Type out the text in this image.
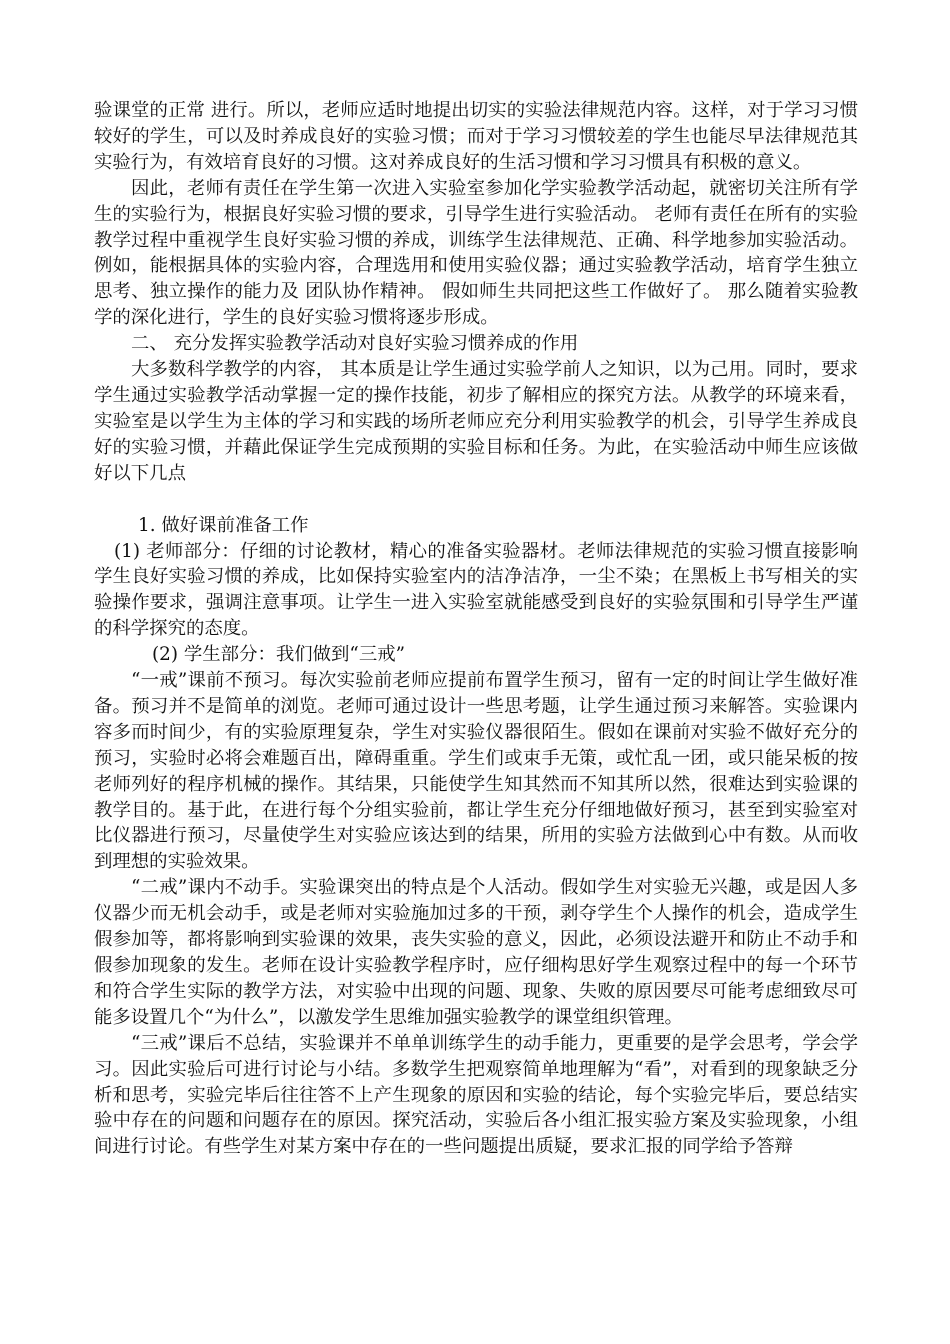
验课堂的正常 进行。所以，老师应适时地提出切实的实验法律规范内容。这样，对于学习习惯较好的学生，可以及时养成良好的实验习惯；而对于学习习惯较差的学生也能尽早法律规范其实验行为，有效培育良好的习惯。这对养成良好的生活习惯和学习习惯具有积极的意义。

因此，老师有责任在学生第一次进入实验室参加化学实验教学活动起，就密切关注所有学生的实验行为，根据良好实验习惯的要求，引导学生进行实验活动。 老师有责任在所有的实验教学过程中重视学生良好实验习惯的养成，训练学生法律规范、正确、科学地参加实验活动。例如，能根据具体的实验内容，合理选用和使用实验仪器；通过实验教学活动，培育学生独立思考、独立操作的能力及 团队协作精神。 假如师生共同把这些工作做好了。 那么随着实验教学的深化进行，学生的良好实验习惯将逐步形成。

二、 充分发挥实验教学活动对良好实验习惯养成的作用

大多数科学教学的内容， 其本质是让学生通过实验学前人之知识，以为己用。同时，要求学生通过实验教学活动掌握一定的操作技能，初步了解相应的探究方法。从教学的环境来看，实验室是以学生为主体的学习和实践的场所老师应充分利用实验教学的机会，引导学生养成良好的实验习惯，并藉此保证学生完成预期的实验目标和任务。为此，在实验活动中师生应该做好以下几点

1. 做好课前准备工作

(1) 老师部分：仔细的讨论教材，精心的准备实验器材。老师法律规范的实验习惯直接影响学生良好实验习惯的养成，比如保持实验室内的洁净洁净，一尘不染；在黑板上书写相关的实验操作要求，强调注意事项。让学生一进入实验室就能感受到良好的实验氛围和引导学生严谨的科学探究的态度。

(2) 学生部分：我们做到“三戒”

“一戒”课前不预习。每次实验前老师应提前布置学生预习，留有一定的时间让学生做好准备。预习并不是简单的浏览。老师可通过设计一些思考题，让学生通过预习来解答。实验课内容多而时间少，有的实验原理复杂，学生对实验仪器很陌生。假如在课前对实验不做好充分的预习，实验时必将会难题百出，障碍重重。学生们或束手无策，或忙乱一团，或只能呆板的按老师列好的程序机械的操作。其结果，只能使学生知其然而不知其所以然，很难达到实验课的教学目的。基于此，在进行每个分组实验前，都让学生充分仔细地做好预习，甚至到实验室对比仪器进行预习，尽量使学生对实验应该达到的结果，所用的实验方法做到心中有数。从而收到理想的实验效果。

“二戒”课内不动手。实验课突出的特点是个人活动。假如学生对实验无兴趣，或是因人多仪器少而无机会动手，或是老师对实验施加过多的干预，剥夺学生个人操作的机会，造成学生假参加等，都将影响到实验课的效果，丧失实验的意义，因此，必须设法避开和防止不动手和假参加现象的发生。老师在设计实验教学程序时，应仔细构思好学生观察过程中的每一个环节和符合学生实际的教学方法，对实验中出现的问题、现象、失败的原因要尽可能考虑细致尽可能多设置几个“为什么”，以激发学生思维加强实验教学的课堂组织管理。

“三戒”课后不总结，实验课并不单单训练学生的动手能力，更重要的是学会思考，学会学习。因此实验后可进行讨论与小结。多数学生把观察简单地理解为“看”，对看到的现象缺乏分析和思考，实验完毕后往往答不上产生现象的原因和实验的结论，每个实验完毕后，要总结实验中存在的问题和问题存在的原因。探究活动，实验后各小组汇报实验方案及实验现象，小组间进行讨论。有些学生对某方案中存在的一些问题提出质疑，要求汇报的同学给予答辩
